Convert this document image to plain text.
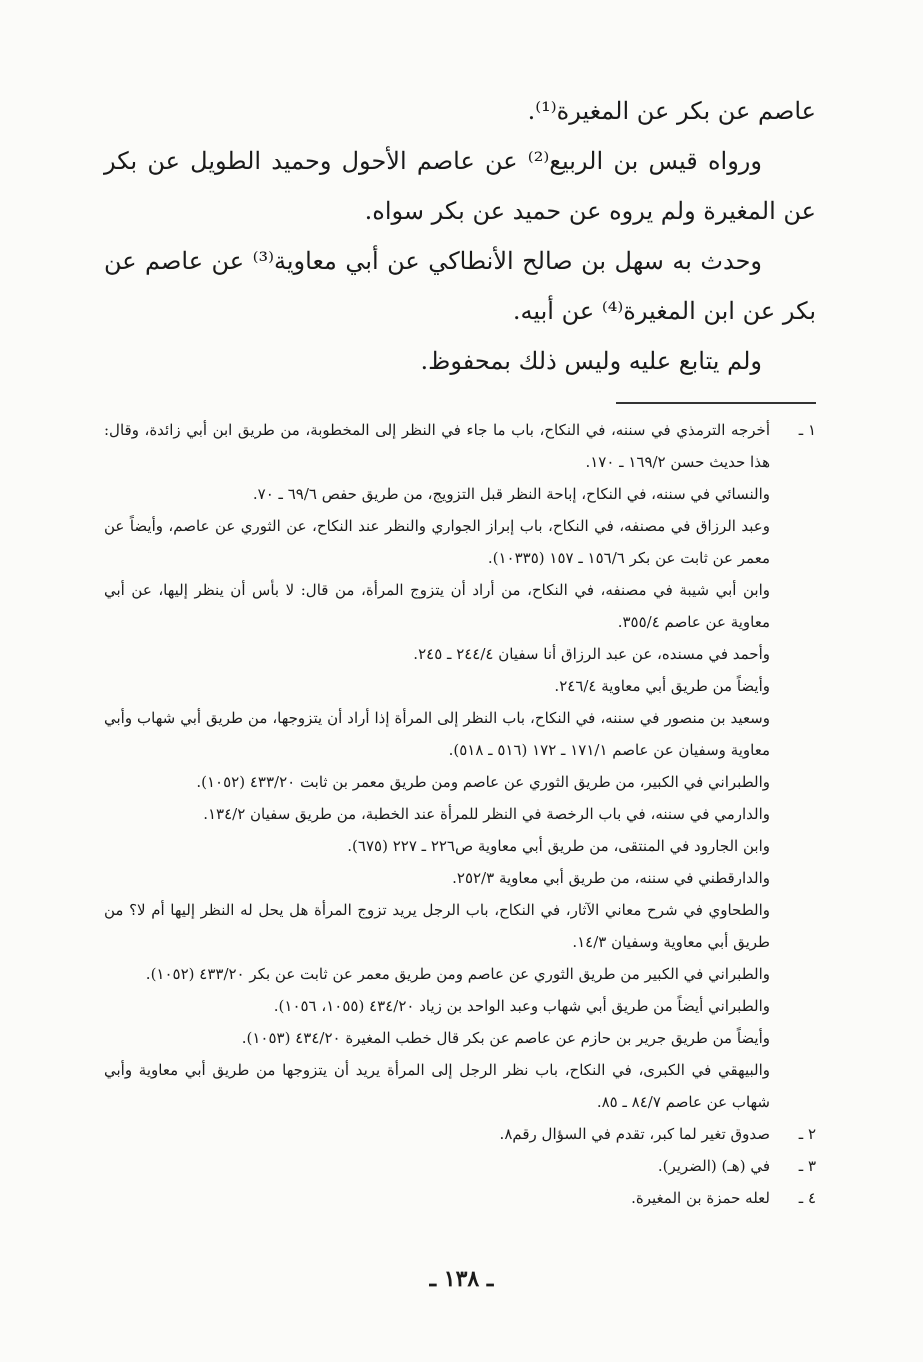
عاصم عن بكر عن المغيرة⁽¹⁾.

ورواه قيس بن الربيع⁽²⁾ عن عاصم الأحول وحميد الطويل عن بكر عن المغيرة ولم يروه عن حميد عن بكر سواه.

وحدث به سهل بن صالح الأنطاكي عن أبي معاوية⁽³⁾ عن عاصم عن بكر عن ابن المغيرة⁽⁴⁾ عن أبيه.

ولم يتابع عليه وليس ذلك بمحفوظ.

١ ـ
أخرجه الترمذي في سننه، في النكاح، باب ما جاء في النظر إلى المخطوبة، من طريق ابن أبي زائدة، وقال: هذا حديث حسن ١٦٩/٢ ـ ١٧٠.
والنسائي في سننه، في النكاح، إباحة النظر قبل التزويج، من طريق حفص ٦٩/٦ ـ ٧٠.
وعبد الرزاق في مصنفه، في النكاح، باب إبراز الجواري والنظر عند النكاح، عن الثوري عن عاصم، وأيضاً عن معمر عن ثابت عن بكر ١٥٦/٦ ـ ١٥٧ (١٠٣٣٥).
وابن أبي شيبة في مصنفه، في النكاح، من أراد أن يتزوج المرأة، من قال: لا بأس أن ينظر إليها، عن أبي معاوية عن عاصم ٣٥٥/٤.
وأحمد في مسنده، عن عبد الرزاق أنا سفيان ٢٤٤/٤ ـ ٢٤٥.
وأيضاً من طريق أبي معاوية ٢٤٦/٤.
وسعيد بن منصور في سننه، في النكاح، باب النظر إلى المرأة إذا أراد أن يتزوجها، من طريق أبي شهاب وأبي معاوية وسفيان عن عاصم ١٧١/١ ـ ١٧٢ (٥١٦ ـ ٥١٨).
والطبراني في الكبير، من طريق الثوري عن عاصم ومن طريق معمر بن ثابت ٤٣٣/٢٠ (١٠٥٢).
والدارمي في سننه، في باب الرخصة في النظر للمرأة عند الخطبة، من طريق سفيان ١٣٤/٢.
وابن الجارود في المنتقى، من طريق أبي معاوية ص٢٢٦ ـ ٢٢٧ (٦٧٥).
والدارقطني في سننه، من طريق أبي معاوية ٢٥٢/٣.
والطحاوي في شرح معاني الآثار، في النكاح، باب الرجل يريد تزوج المرأة هل يحل له النظر إليها أم لا؟ من طريق أبي معاوية وسفيان ١٤/٣.
والطبراني في الكبير من طريق الثوري عن عاصم ومن طريق معمر عن ثابت عن بكر ٤٣٣/٢٠ (١٠٥٢).
والطبراني أيضاً من طريق أبي شهاب وعبد الواحد بن زياد ٤٣٤/٢٠ (١٠٥٥، ١٠٥٦).
وأيضاً من طريق جرير بن حازم عن عاصم عن بكر قال خطب المغيرة ٤٣٤/٢٠ (١٠٥٣).
والبيهقي في الكبرى، في النكاح، باب نظر الرجل إلى المرأة يريد أن يتزوجها من طريق أبي معاوية وأبي شهاب عن عاصم ٨٤/٧ ـ ٨٥.
٢ ـ
صدوق تغير لما كبر، تقدم في السؤال رقم٨.
٣ ـ
في (هـ) (الضرير).
٤ ـ
لعله حمزة بن المغيرة.
ـ ١٣٨ ـ
